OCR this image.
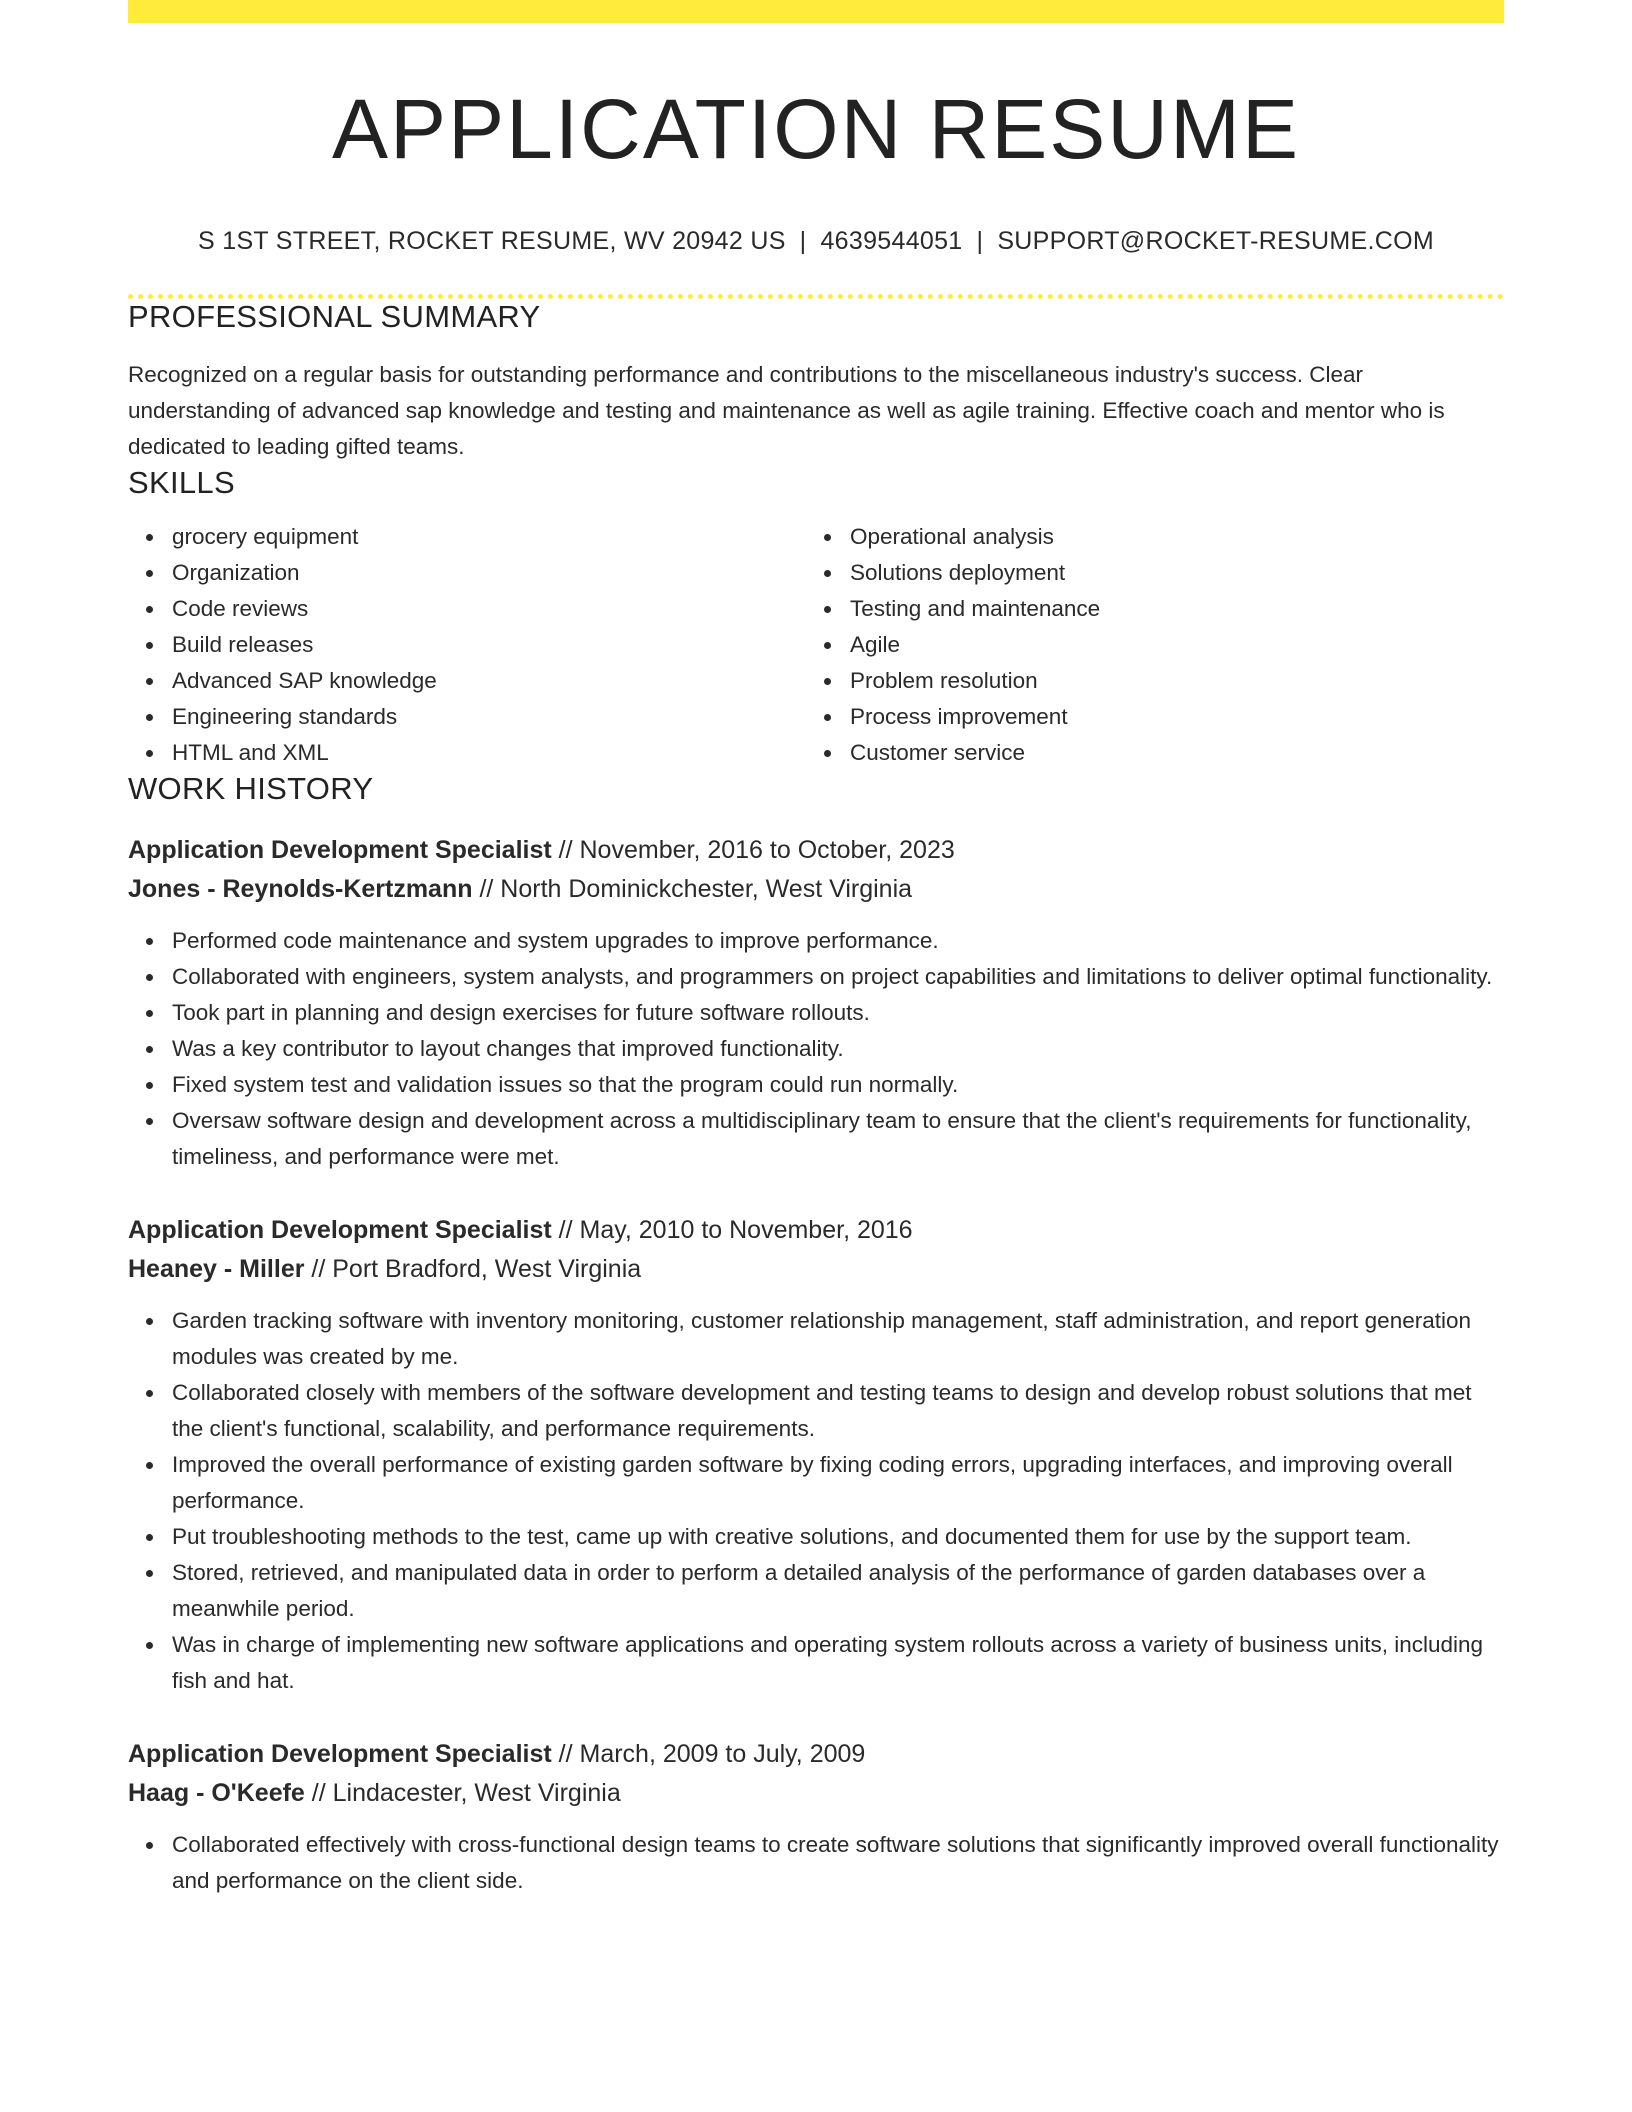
APPLICATION RESUME
S 1ST STREET, ROCKET RESUME, WV 20942 US | 4639544051 | SUPPORT@ROCKET-RESUME.COM
PROFESSIONAL SUMMARY
Recognized on a regular basis for outstanding performance and contributions to the miscellaneous industry's success. Clear understanding of advanced sap knowledge and testing and maintenance as well as agile training. Effective coach and mentor who is dedicated to leading gifted teams.
SKILLS
grocery equipment
Organization
Code reviews
Build releases
Advanced SAP knowledge
Engineering standards
HTML and XML
Operational analysis
Solutions deployment
Testing and maintenance
Agile
Problem resolution
Process improvement
Customer service
WORK HISTORY
Application Development Specialist // November, 2016 to October, 2023
Jones - Reynolds-Kertzmann // North Dominickchester, West Virginia
Performed code maintenance and system upgrades to improve performance.
Collaborated with engineers, system analysts, and programmers on project capabilities and limitations to deliver optimal functionality.
Took part in planning and design exercises for future software rollouts.
Was a key contributor to layout changes that improved functionality.
Fixed system test and validation issues so that the program could run normally.
Oversaw software design and development across a multidisciplinary team to ensure that the client's requirements for functionality, timeliness, and performance were met.
Application Development Specialist // May, 2010 to November, 2016
Heaney - Miller // Port Bradford, West Virginia
Garden tracking software with inventory monitoring, customer relationship management, staff administration, and report generation modules was created by me.
Collaborated closely with members of the software development and testing teams to design and develop robust solutions that met the client's functional, scalability, and performance requirements.
Improved the overall performance of existing garden software by fixing coding errors, upgrading interfaces, and improving overall performance.
Put troubleshooting methods to the test, came up with creative solutions, and documented them for use by the support team.
Stored, retrieved, and manipulated data in order to perform a detailed analysis of the performance of garden databases over a meanwhile period.
Was in charge of implementing new software applications and operating system rollouts across a variety of business units, including fish and hat.
Application Development Specialist // March, 2009 to July, 2009
Haag - O'Keefe // Lindacester, West Virginia
Collaborated effectively with cross-functional design teams to create software solutions that significantly improved overall functionality and performance on the client side.
